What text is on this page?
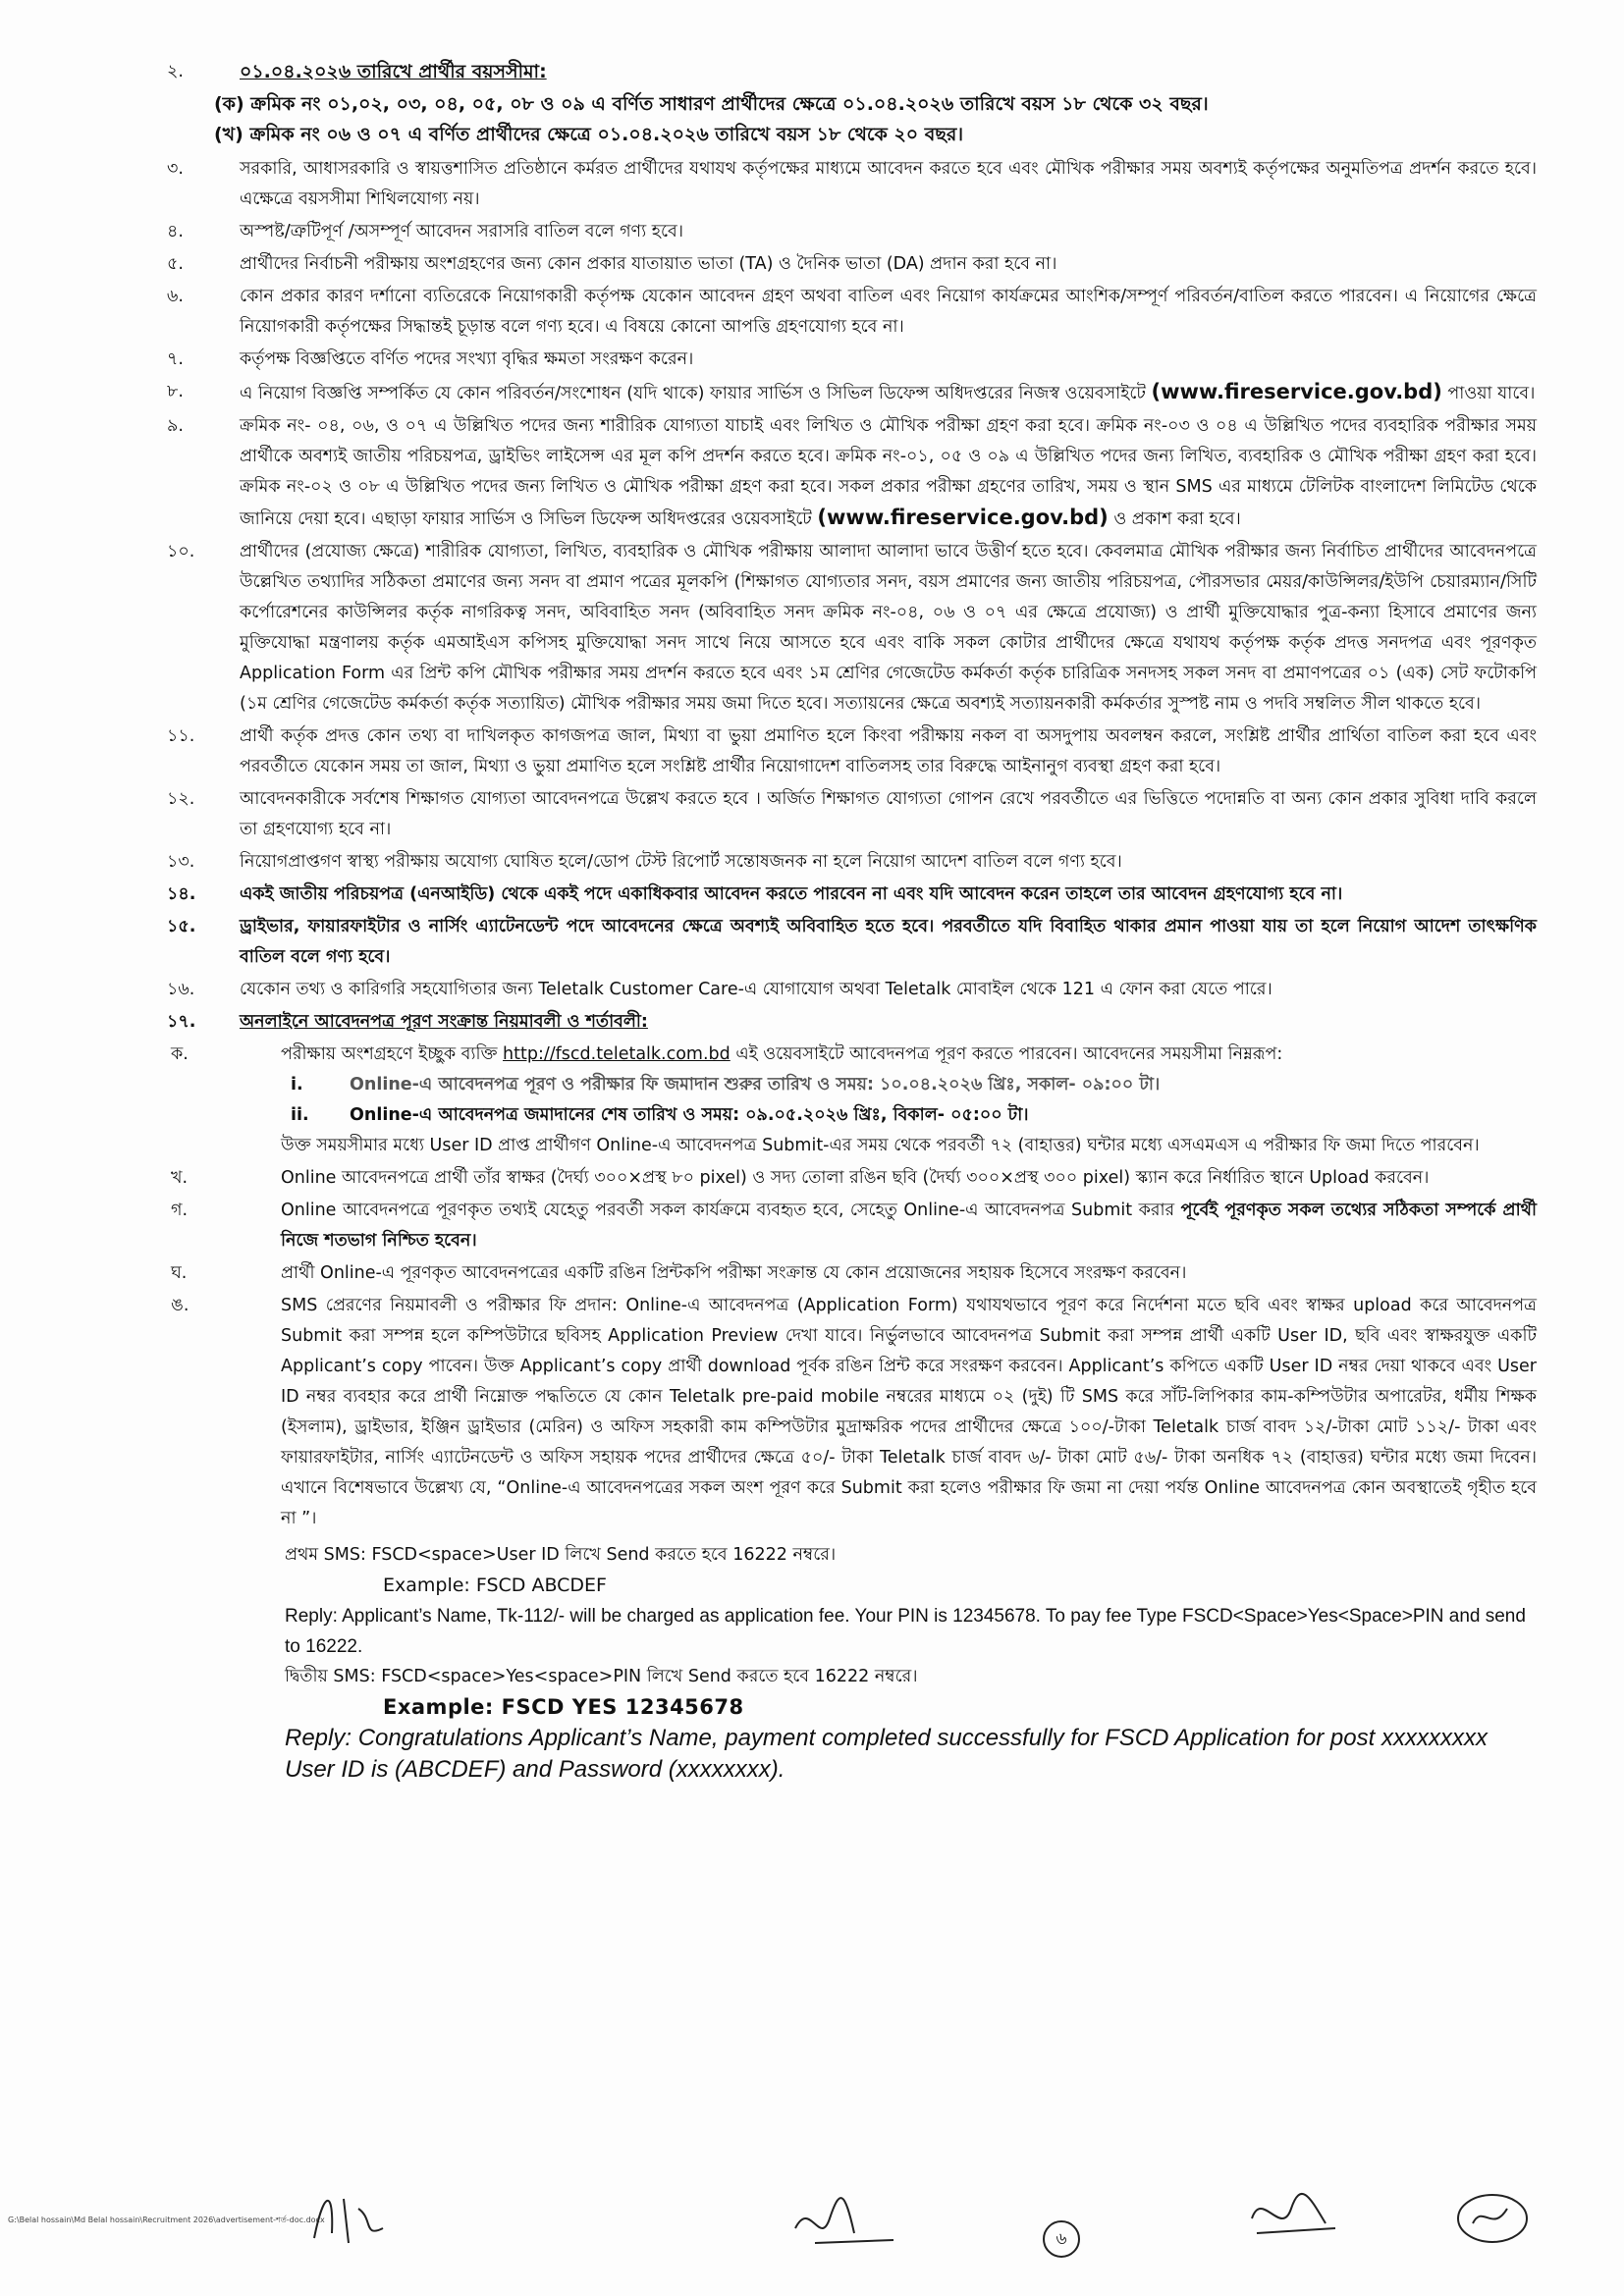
২.	০১.০৪.২০২৬ তারিখে প্রার্থীর বয়সসীমা:
(ক) ক্রমিক নং ০১,০২, ০৩, ০৪, ০৫, ০৮ ও ০৯ এ বর্ণিত সাধারণ প্রার্থীদের ক্ষেত্রে ০১.০৪.২০২৬ তারিখে বয়স ১৮ থেকে ৩২ বছর।
(খ) ক্রমিক নং ০৬ ও ০৭ এ বর্ণিত প্রার্থীদের ক্ষেত্রে ০১.০৪.২০২৬ তারিখে বয়স ১৮ থেকে ২০ বছর।
৩.	সরকারি, আধাসরকারি ও স্বায়ত্তশাসিত প্রতিষ্ঠানে কর্মরত প্রার্থীদের যথাযথ কর্তৃপক্ষের মাধ্যমে আবেদন করতে হবে এবং মৌখিক পরীক্ষার সময় অবশ্যই কর্তৃপক্ষের অনুমতিপত্র প্রদর্শন করতে হবে। এক্ষেত্রে বয়সসীমা শিথিলযোগ্য নয়।
৪.	অস্পষ্ট/ত্রুটিপূর্ণ /অসম্পূর্ণ আবেদন সরাসরি বাতিল বলে গণ্য হবে।
৫.	প্রার্থীদের নির্বাচনী পরীক্ষায় অংশগ্রহণের জন্য কোন প্রকার যাতায়াত ভাতা (TA) ও দৈনিক ভাতা (DA) প্রদান করা হবে না।
৬.	কোন প্রকার কারণ দর্শানো ব্যতিরেকে নিয়োগকারী কর্তৃপক্ষ যেকোন আবেদন গ্রহণ অথবা বাতিল এবং নিয়োগ কার্যক্রমের আংশিক/সম্পূর্ণ পরিবর্তন/বাতিল করতে পারবেন। এ নিয়োগের ক্ষেত্রে নিয়োগকারী কর্তৃপক্ষের সিদ্ধান্তই চূড়ান্ত বলে গণ্য হবে। এ বিষয়ে কোনো আপত্তি গ্রহণযোগ্য হবে না।
৭.	কর্তৃপক্ষ বিজ্ঞপ্তিতে বর্ণিত পদের সংখ্যা বৃদ্ধির ক্ষমতা সংরক্ষণ করেন।
৮.	এ নিয়োগ বিজ্ঞপ্তি সম্পর্কিত যে কোন পরিবর্তন/সংশোধন (যদি থাকে) ফায়ার সার্ভিস ও সিভিল ডিফেন্স অধিদপ্তরের নিজস্ব ওয়েবসাইটে (www.fireservice.gov.bd) পাওয়া যাবে।
৯.	ক্রমিক নং- ০৪, ০৬, ও ০৭ এ উল্লিখিত পদের জন্য শারীরিক যোগ্যতা যাচাই এবং লিখিত ও মৌখিক পরীক্ষা গ্রহণ করা হবে। ক্রমিক নং-০৩ ও ০৪ এ উল্লিখিত পদের ব্যবহারিক পরীক্ষার সময় প্রার্থীকে অবশ্যই জাতীয় পরিচয়পত্র, ড্রাইভিং লাইসেন্স এর মূল কপি প্রদর্শন করতে হবে। ক্রমিক নং-০১, ০৫ ও ০৯ এ উল্লিখিত পদের জন্য লিখিত, ব্যবহারিক ও মৌখিক পরীক্ষা গ্রহণ করা হবে। ক্রমিক নং-০২ ও ০৮ এ উল্লিখিত পদের জন্য লিখিত ও মৌখিক পরীক্ষা গ্রহণ করা হবে। সকল প্রকার পরীক্ষা গ্রহণের তারিখ, সময় ও স্থান SMS এর মাধ্যমে টেলিটক বাংলাদেশ লিমিটেড থেকে জানিয়ে দেয়া হবে। এছাড়া ফায়ার সার্ভিস ও সিভিল ডিফেন্স অধিদপ্তরের ওয়েবসাইটে (www.fireservice.gov.bd) ও প্রকাশ করা হবে।
১০.	প্রার্থীদের (প্রযোজ্য ক্ষেত্রে) শারীরিক যোগ্যতা, লিখিত, ব্যবহারিক ও মৌখিক পরীক্ষায় আলাদা আলাদা ভাবে উত্তীর্ণ হতে হবে। কেবলমাত্র মৌখিক পরীক্ষার জন্য নির্বাচিত প্রার্থীদের আবেদনপত্রে উল্লেখিত তথ্যাদির সঠিকতা প্রমাণের জন্য সনদ বা প্রমাণ পত্রের মূলকপি (শিক্ষাগত যোগ্যতার সনদ, বয়স প্রমাণের জন্য জাতীয় পরিচয়পত্র, পৌরসভার মেয়র/কাউন্সিলর/ইউপি চেয়ারম্যান/সিটি কর্পোরেশনের কাউন্সিলর কর্তৃক নাগরিকত্ব সনদ, অবিবাহিত সনদ (অবিবাহিত সনদ ক্রমিক নং-০৪, ০৬ ও ০৭ এর ক্ষেত্রে প্রযোজ্য) ও প্রার্থী মুক্তিযোদ্ধার পুত্র-কন্যা হিসাবে প্রমাণের জন্য মুক্তিযোদ্ধা মন্ত্রণালয় কর্তৃক এমআইএস কপিসহ মুক্তিযোদ্ধা সনদ সাথে নিয়ে আসতে হবে এবং বাকি সকল কোটার প্রার্থীদের ক্ষেত্রে যথাযথ কর্তৃপক্ষ কর্তৃক প্রদত্ত সনদপত্র এবং পূরণকৃত Application Form এর প্রিন্ট কপি মৌখিক পরীক্ষার সময় প্রদর্শন করতে হবে এবং ১ম শ্রেণির গেজেটেড কর্মকর্তা কর্তৃক চারিত্রিক সনদসহ সকল সনদ বা প্রমাণপত্রের ০১ (এক) সেট ফটোকপি (১ম শ্রেণির গেজেটেড কর্মকর্তা কর্তৃক সত্যায়িত) মৌখিক পরীক্ষার সময় জমা দিতে হবে। সত্যায়নের ক্ষেত্রে অবশ্যই সত্যায়নকারী কর্মকর্তার সুস্পষ্ট নাম ও পদবি সম্বলিত সীল থাকতে হবে।
১১.	প্রার্থী কর্তৃক প্রদত্ত কোন তথ্য বা দাখিলকৃত কাগজপত্র জাল, মিথ্যা বা ভুয়া প্রমাণিত হলে কিংবা পরীক্ষায় নকল বা অসদুপায় অবলম্বন করলে, সংশ্লিষ্ট প্রার্থীর প্রার্থিতা বাতিল করা হবে এবং পরবর্তীতে যেকোন সময় তা জাল, মিথ্যা ও ভুয়া প্রমাণিত হলে সংশ্লিষ্ট প্রার্থীর নিয়োগাদেশ বাতিলসহ তার বিরুদ্ধে আইনানুগ ব্যবস্থা গ্রহণ করা হবে।
১২.	আবেদনকারীকে সর্বশেষ শিক্ষাগত যোগ্যতা আবেদনপত্রে উল্লেখ করতে হবে । অর্জিত শিক্ষাগত যোগ্যতা গোপন রেখে পরবর্তীতে এর ভিত্তিতে পদোন্নতি বা অন্য কোন প্রকার সুবিধা দাবি করলে তা গ্রহণযোগ্য হবে না।
১৩.	নিয়োগপ্রাপ্তগণ স্বাস্থ্য পরীক্ষায় অযোগ্য ঘোষিত হলে/ডোপ টেস্ট রিপোর্ট সন্তোষজনক না হলে নিয়োগ আদেশ বাতিল বলে গণ্য হবে।
১৪.	একই জাতীয় পরিচয়পত্র (এনআইডি) থেকে একই পদে একাধিকবার আবেদন করতে পারবেন না এবং যদি আবেদন করেন তাহলে তার আবেদন গ্রহণযোগ্য হবে না।
১৫.	ড্রাইভার, ফায়ারফাইটার ও নার্সিং এ্যাটেনডেন্ট পদে আবেদনের ক্ষেত্রে অবশ্যই অবিবাহিত হতে হবে। পরবর্তীতে যদি বিবাহিত থাকার প্রমান পাওয়া যায় তা হলে নিয়োগ আদেশ তাৎক্ষণিক বাতিল বলে গণ্য হবে।
১৬.	যেকোন তথ্য ও কারিগরি সহযোগিতার জন্য Teletalk Customer Care-এ যোগাযোগ অথবা Teletalk মোবাইল থেকে 121 এ ফোন করা যেতে পারে।
১৭.	অনলাইনে আবেদনপত্র পূরণ সংক্রান্ত নিয়মাবলী ও শর্তাবলী:
ক.	পরীক্ষায় অংশগ্রহণে ইচ্ছুক ব্যক্তি http://fscd.teletalk.com.bd এই ওয়েবসাইটে আবেদনপত্র পূরণ করতে পারবেন। আবেদনের সময়সীমা নিম্নরূপ:
i.	Online-এ আবেদনপত্র পূরণ ও পরীক্ষার ফি জমাদান শুরুর তারিখ ও সময়: ১০.০৪.২০২৬ খ্রিঃ, সকাল- ০৯:০০ টা।
ii.	Online-এ আবেদনপত্র জমাদানের শেষ তারিখ ও সময়: ০৯.০৫.২০২৬ খ্রিঃ, বিকাল- ০৫:০০ টা।
উক্ত সময়সীমার মধ্যে User ID প্রাপ্ত প্রার্থীগণ Online-এ আবেদনপত্র Submit-এর সময় থেকে পরবর্তী ৭২ (বাহাত্তর) ঘন্টার মধ্যে এসএমএস এ পরীক্ষার ফি জমা দিতে পারবেন।
খ.	Online আবেদনপত্রে প্রার্থী তাঁর স্বাক্ষর (দৈর্ঘ্য ৩০০×প্রস্থ ৮০ pixel) ও সদ্য তোলা রঙিন ছবি (দৈর্ঘ্য ৩০০×প্রস্থ ৩০০ pixel) স্ক্যান করে নির্ধারিত স্থানে Upload করবেন।
গ.	Online আবেদনপত্রে পূরণকৃত তথ্যই যেহেতু পরবর্তী সকল কার্যক্রমে ব্যবহৃত হবে, সেহেতু Online-এ আবেদনপত্র Submit করার পূর্বেই পূরণকৃত সকল তথ্যের সঠিকতা সম্পর্কে প্রার্থী নিজে শতভাগ নিশ্চিত হবেন।
ঘ.	প্রার্থী Online-এ পূরণকৃত আবেদনপত্রের একটি রঙিন প্রিন্টকপি পরীক্ষা সংক্রান্ত যে কোন প্রয়োজনের সহায়ক হিসেবে সংরক্ষণ করবেন।
ঙ.	SMS প্রেরণের নিয়মাবলী ও পরীক্ষার ফি প্রদান: Online-এ আবেদনপত্র (Application Form) যথাযথভাবে পূরণ করে নির্দেশনা মতে ছবি এবং স্বাক্ষর upload করে আবেদনপত্র Submit করা সম্পন্ন হলে কম্পিউটারে ছবিসহ Application Preview দেখা যাবে। নির্ভুলভাবে আবেদনপত্র Submit করা সম্পন্ন প্রার্থী একটি User ID, ছবি এবং স্বাক্ষরযুক্ত একটি Applicant’s copy পাবেন। উক্ত Applicant’s copy প্রার্থী download পূর্বক রঙিন প্রিন্ট করে সংরক্ষণ করবেন। Applicant’s কপিতে একটি User ID নম্বর দেয়া থাকবে এবং User ID নম্বর ব্যবহার করে প্রার্থী নিম্নোক্ত পদ্ধতিতে যে কোন Teletalk pre-paid mobile নম্বরের মাধ্যমে ০২ (দুই) টি SMS করে সাঁট-লিপিকার কাম-কম্পিউটার অপারেটর, ধর্মীয় শিক্ষক (ইসলাম), ড্রাইভার, ইঞ্জিন ড্রাইভার (মেরিন) ও অফিস সহকারী কাম কম্পিউটার মুদ্রাক্ষরিক পদের প্রার্থীদের ক্ষেত্রে ১০০/-টাকা Teletalk চার্জ বাবদ ১২/-টাকা মোট ১১২/- টাকা এবং ফায়ারফাইটার, নার্সিং এ্যাটেনডেন্ট ও অফিস সহায়ক পদের প্রার্থীদের ক্ষেত্রে ৫০/- টাকা Teletalk চার্জ বাবদ ৬/- টাকা মোট ৫৬/- টাকা অনধিক ৭২ (বাহাত্তর) ঘন্টার মধ্যে জমা দিবেন। এখানে বিশেষভাবে উল্লেখ্য যে, “Online-এ আবেদনপত্রের সকল অংশ পূরণ করে Submit করা হলেও পরীক্ষার ফি জমা না দেয়া পর্যন্ত Online আবেদনপত্র কোন অবস্থাতেই গৃহীত হবে না ”।
প্রথম SMS: FSCD<space>User ID লিখে Send করতে হবে 16222 নম্বরে।
Example: FSCD ABCDEF
Reply: Applicant’s Name, Tk-112/- will be charged as application fee. Your PIN is 12345678. To pay fee Type FSCD<Space>Yes<Space>PIN and send to 16222.
দ্বিতীয় SMS: FSCD<space>Yes<space>PIN লিখে Send করতে হবে 16222 নম্বরে।
Example: FSCD YES 12345678
Reply: Congratulations Applicant’s Name, payment completed successfully for FSCD Application for post xxxxxxxxx User ID is (ABCDEF) and Password (xxxxxxxx).
G:\Belal hossain\Md Belal hossain\Recruitment 2026\advertisement-শর্ত-doc.docx
৬
